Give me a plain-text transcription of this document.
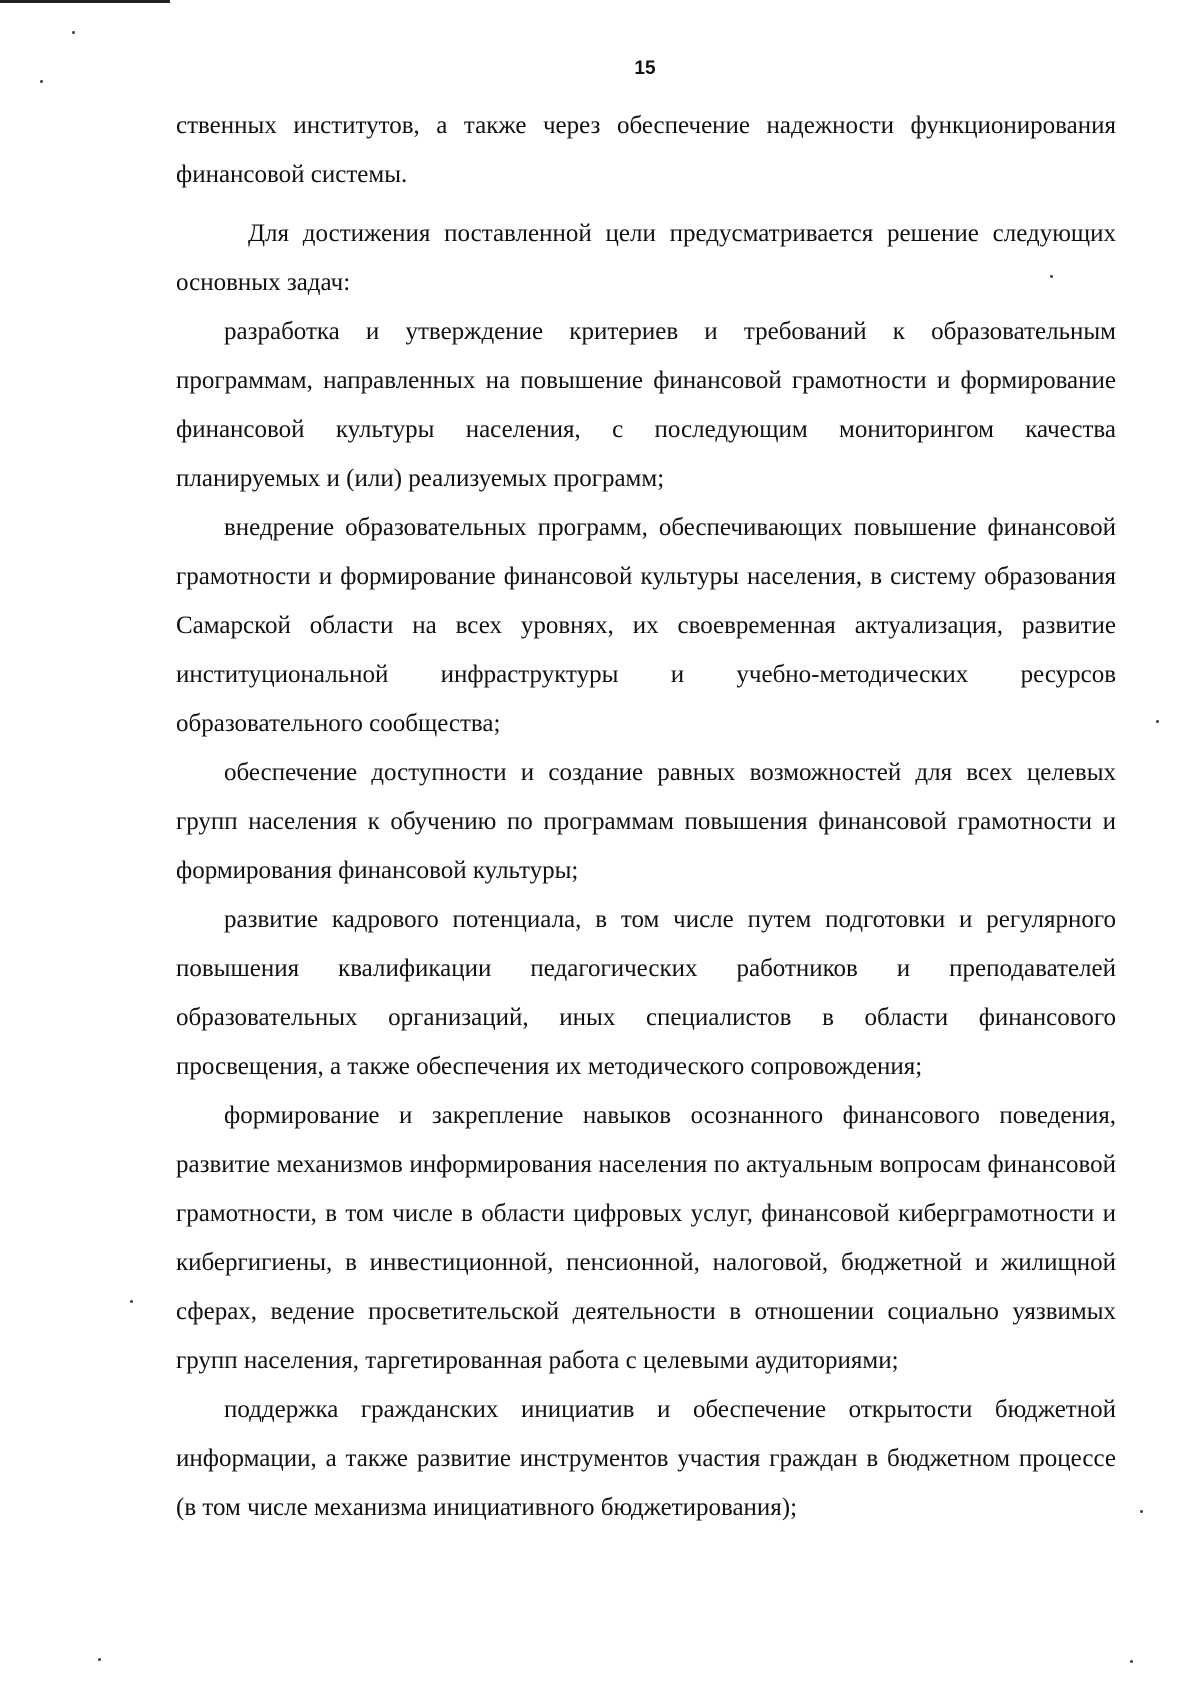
15

ственных институтов, а также через обеспечение надежности функционирования финансовой системы.

Для достижения поставленной цели предусматривается решение следующих основных задач:

разработка и утверждение критериев и требований к образовательным программам, направленных на повышение финансовой грамотности и формирование финансовой культуры населения, с последующим мониторингом качества планируемых и (или) реализуемых программ;

внедрение образовательных программ, обеспечивающих повышение финансовой грамотности и формирование финансовой культуры населения, в систему образования Самарской области на всех уровнях, их своевременная актуализация, развитие институциональной инфраструктуры и учебно-методических ресурсов образовательного сообщества;

обеспечение доступности и создание равных возможностей для всех целевых групп населения к обучению по программам повышения финансовой грамотности и формирования финансовой культуры;

развитие кадрового потенциала, в том числе путем подготовки и регулярного повышения квалификации педагогических работников и преподавателей образовательных организаций, иных специалистов в области финансового просвещения, а также обеспечения их методического сопровождения;

формирование и закрепление навыков осознанного финансового поведения, развитие механизмов информирования населения по актуальным вопросам финансовой грамотности, в том числе в области цифровых услуг, финансовой киберграмотности и кибергигиены, в инвестиционной, пенсионной, налоговой, бюджетной и жилищной сферах, ведение просветительской деятельности в отношении социально уязвимых групп населения, таргетированная работа с целевыми аудиториями;

поддержка гражданских инициатив и обеспечение открытости бюджетной информации, а также развитие инструментов участия граждан в бюджетном процессе (в том числе механизма инициативного бюджетирования);
